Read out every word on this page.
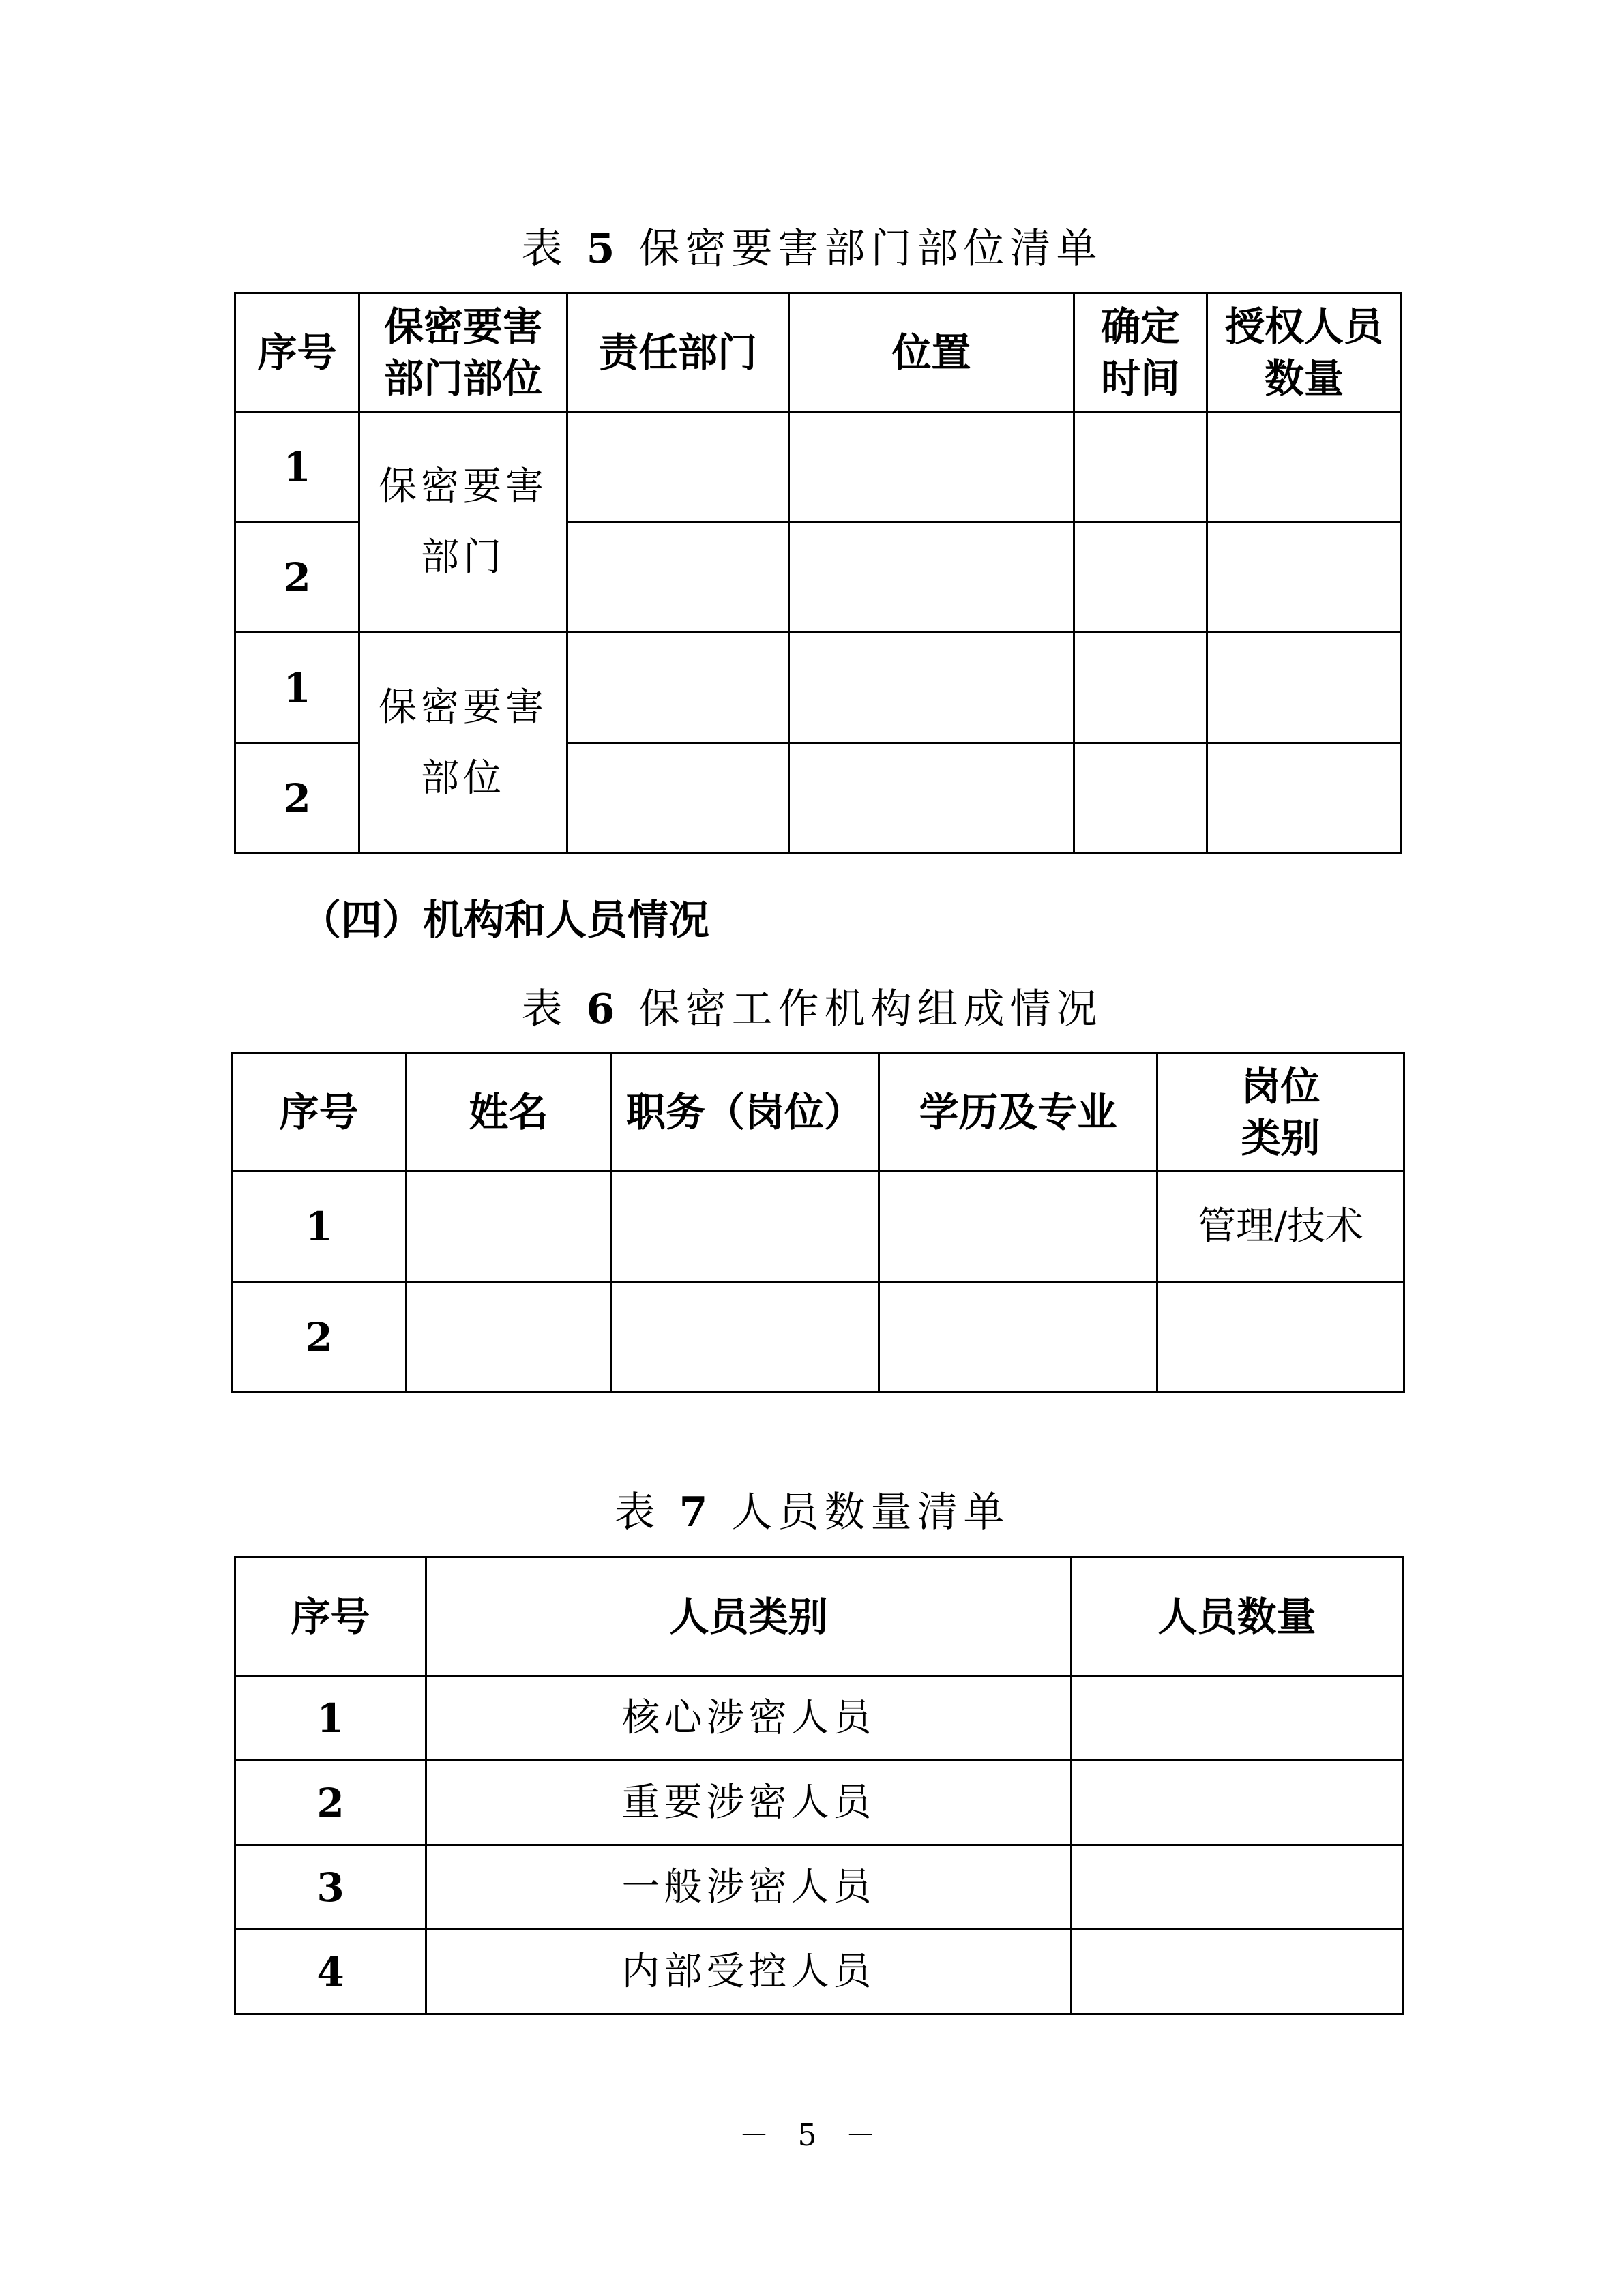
表 5 保密要害部门部位清单
序号	保密要害部门部位	责任部门	位置	确定时间	授权人员数量
1	保密要害部门				
2					
1	保密要害部位				
2					
（四）机构和人员情况
表 6 保密工作机构组成情况
序号	姓名	职务（岗位）	学历及专业	岗位类别
1				管理/技术
2				
表 7 人员数量清单
序号	人员类别	人员数量
1	核心涉密人员	
2	重要涉密人员	
3	一般涉密人员	
4	内部受控人员	
－ 5 －
